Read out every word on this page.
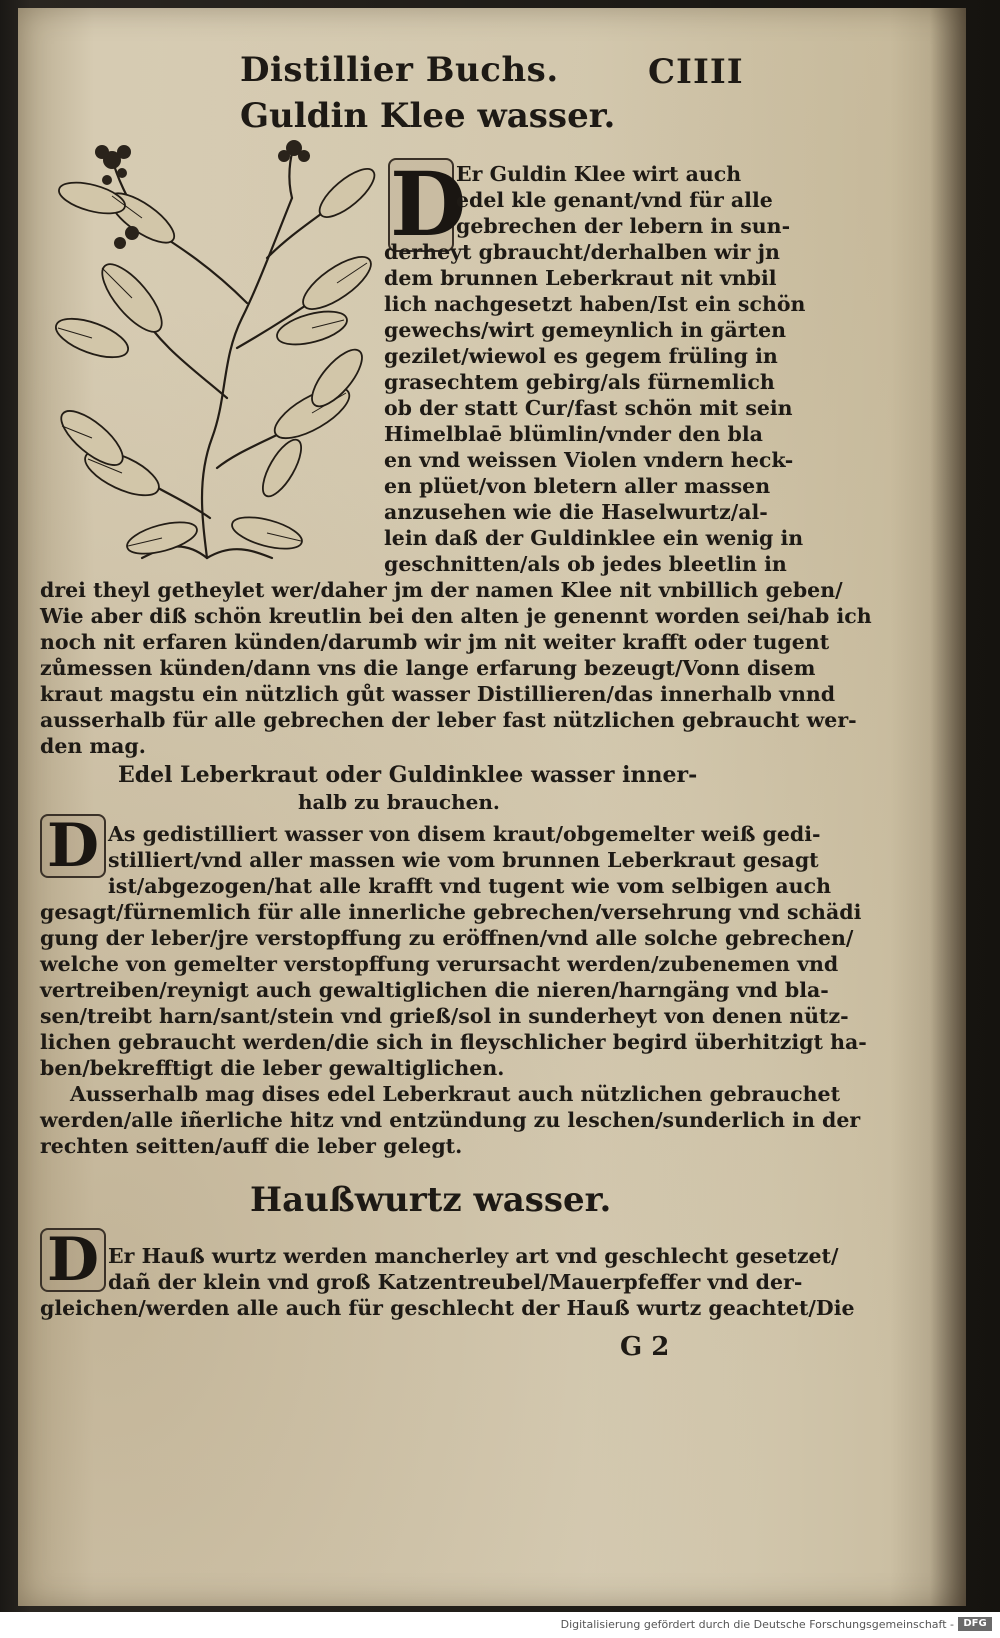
Distillier Buchs.	CIIII
Guldin Klee wasser.
D
Er Guldin Klee wirt auch
edel kle genant/vnd für alle
gebrechen der lebern in sun-
derheyt gbraucht/derhalben wir jn
dem brunnen Leberkraut nit vnbil
lich nachgesetzt haben/Ist ein schön
gewechs/wirt gemeynlich in gärten
gezilet/wiewol es gegem früling in
grasechtem gebirg/als fürnemlich
ob der statt Cur/fast schön mit sein
Himelblaē blümlin/vnder den bla
en vnd weissen Violen vndern heck-
en plüet/von bletern aller massen
anzusehen wie die Haselwurtz/al-
lein daß der Guldinklee ein wenig in
geschnitten/als ob jedes bleetlin in
drei theyl getheylet wer/daher jm der namen Klee nit vnbillich geben/
Wie aber diß schön kreutlin bei den alten je genennt worden sei/hab ich
noch nit erfaren künden/darumb wir jm nit weiter krafft oder tugent
zůmessen künden/dann vns die lange erfarung bezeugt/Vonn disem
kraut magstu ein nützlich gůt wasser Distillieren/das innerhalb vnnd
ausserhalb für alle gebrechen der leber fast nützlichen gebraucht wer-
den mag.
Edel Leberkraut oder Guldinklee wasser inner-
halb zu brauchen.
D As gedistilliert wasser von disem kraut/obgemelter weiß gedi-
stilliert/vnd aller massen wie vom brunnen Leberkraut gesagt
ist/abgezogen/hat alle krafft vnd tugent wie vom selbigen auch
gesagt/fürnemlich für alle innerliche gebrechen/versehrung vnd schädi
gung der leber/jre verstopffung zu eröffnen/vnd alle solche gebrechen/
welche von gemelter verstopffung verursacht werden/zubenemen vnd
vertreiben/reynigt auch gewaltiglichen die nieren/harngäng vnd bla-
sen/treibt harn/sant/stein vnd grieß/sol in sunderheyt von denen nütz-
lichen gebraucht werden/die sich in fleyschlicher begird überhitzigt ha-
ben/bekrefftigt die leber gewaltiglichen.
Ausserhalb mag dises edel Leberkraut auch nützlichen gebrauchet
werden/alle iñerliche hitz vnd entzündung zu leschen/sunderlich in der
rechten seitten/auff die leber gelegt.
Haußwurtz wasser.
D Er Hauß wurtz werden mancherley art vnd geschlecht gesetzet/
dañ der klein vnd groß Katzentreubel/Mauerpfeffer vnd der-
gleichen/werden alle auch für geschlecht der Hauß wurtz geachtet/Die
G 2
Digitalisierung gefördert durch die Deutsche Forschungsgemeinschaft - DFG
